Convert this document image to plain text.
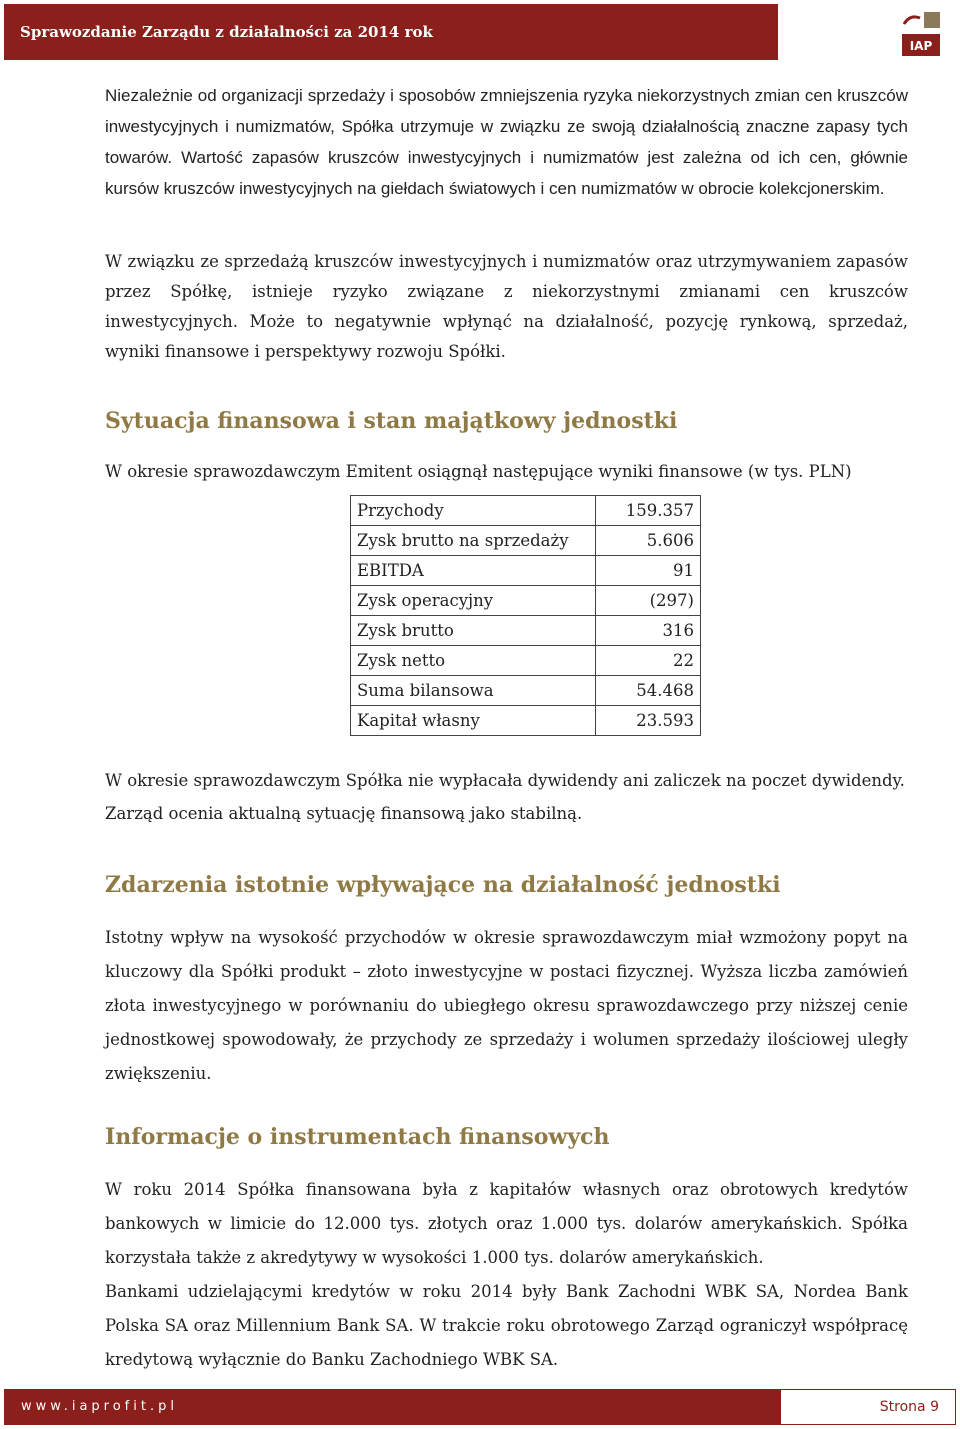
Sprawozdanie Zarządu z działalności za 2014 rok
IAP

Niezależnie od organizacji sprzedaży i sposobów zmniejszenia ryzyka niekorzystnych zmian cen kruszców inwestycyjnych i numizmatów, Spółka utrzymuje w związku ze swoją działalnością znaczne zapasy tych towarów. Wartość zapasów kruszców inwestycyjnych i numizmatów jest zależna od ich cen, głównie kursów kruszców inwestycyjnych na giełdach światowych i cen numizmatów w obrocie kolekcjonerskim.

W związku ze sprzedażą kruszców inwestycyjnych i numizmatów oraz utrzymywaniem zapasów przez Spółkę, istnieje ryzyko związane z niekorzystnymi zmianami cen kruszców inwestycyjnych. Może to negatywnie wpłynąć na działalność, pozycję rynkową, sprzedaż, wyniki finansowe i perspektywy rozwoju Spółki.

Sytuacja finansowa i stan majątkowy jednostki

W okresie sprawozdawczym Emitent osiągnął następujące wyniki finansowe (w tys. PLN)

W okresie sprawozdawczym Spółka nie wypłacała dywidendy ani zaliczek na poczet dywidendy.

Zarząd ocenia aktualną sytuację finansową jako stabilną.

Zdarzenia istotnie wpływające na działalność jednostki

Istotny wpływ na wysokość przychodów w okresie sprawozdawczym miał wzmożony popyt na kluczowy dla Spółki produkt – złoto inwestycyjne w postaci fizycznej. Wyższa liczba zamówień złota inwestycyjnego w porównaniu do ubiegłego okresu sprawozdawczego przy niższej cenie jednostkowej spowodowały, że przychody ze sprzedaży i wolumen sprzedaży ilościowej uległy zwiększeniu.

Informacje o instrumentach finansowych

W roku 2014 Spółka finansowana była z kapitałów własnych oraz obrotowych kredytów bankowych w limicie do 12.000 tys. złotych oraz 1.000 tys. dolarów amerykańskich. Spółka korzystała także z akredytywy w wysokości 1.000 tys. dolarów amerykańskich.

Bankami udzielającymi kredytów w roku 2014 były Bank Zachodni WBK SA, Nordea Bank Polska SA oraz Millennium Bank SA. W trakcie roku obrotowego Zarząd ograniczył współpracę kredytową wyłącznie do Banku Zachodniego WBK SA.

Przychody	159.357
Zysk brutto na sprzedaży	5.606
EBITDA	91
Zysk operacyjny	(297)
Zysk brutto	316
Zysk netto	22
Suma bilansowa	54.468
Kapitał własny	23.593
www.iaprofit.pl	Strona 9
